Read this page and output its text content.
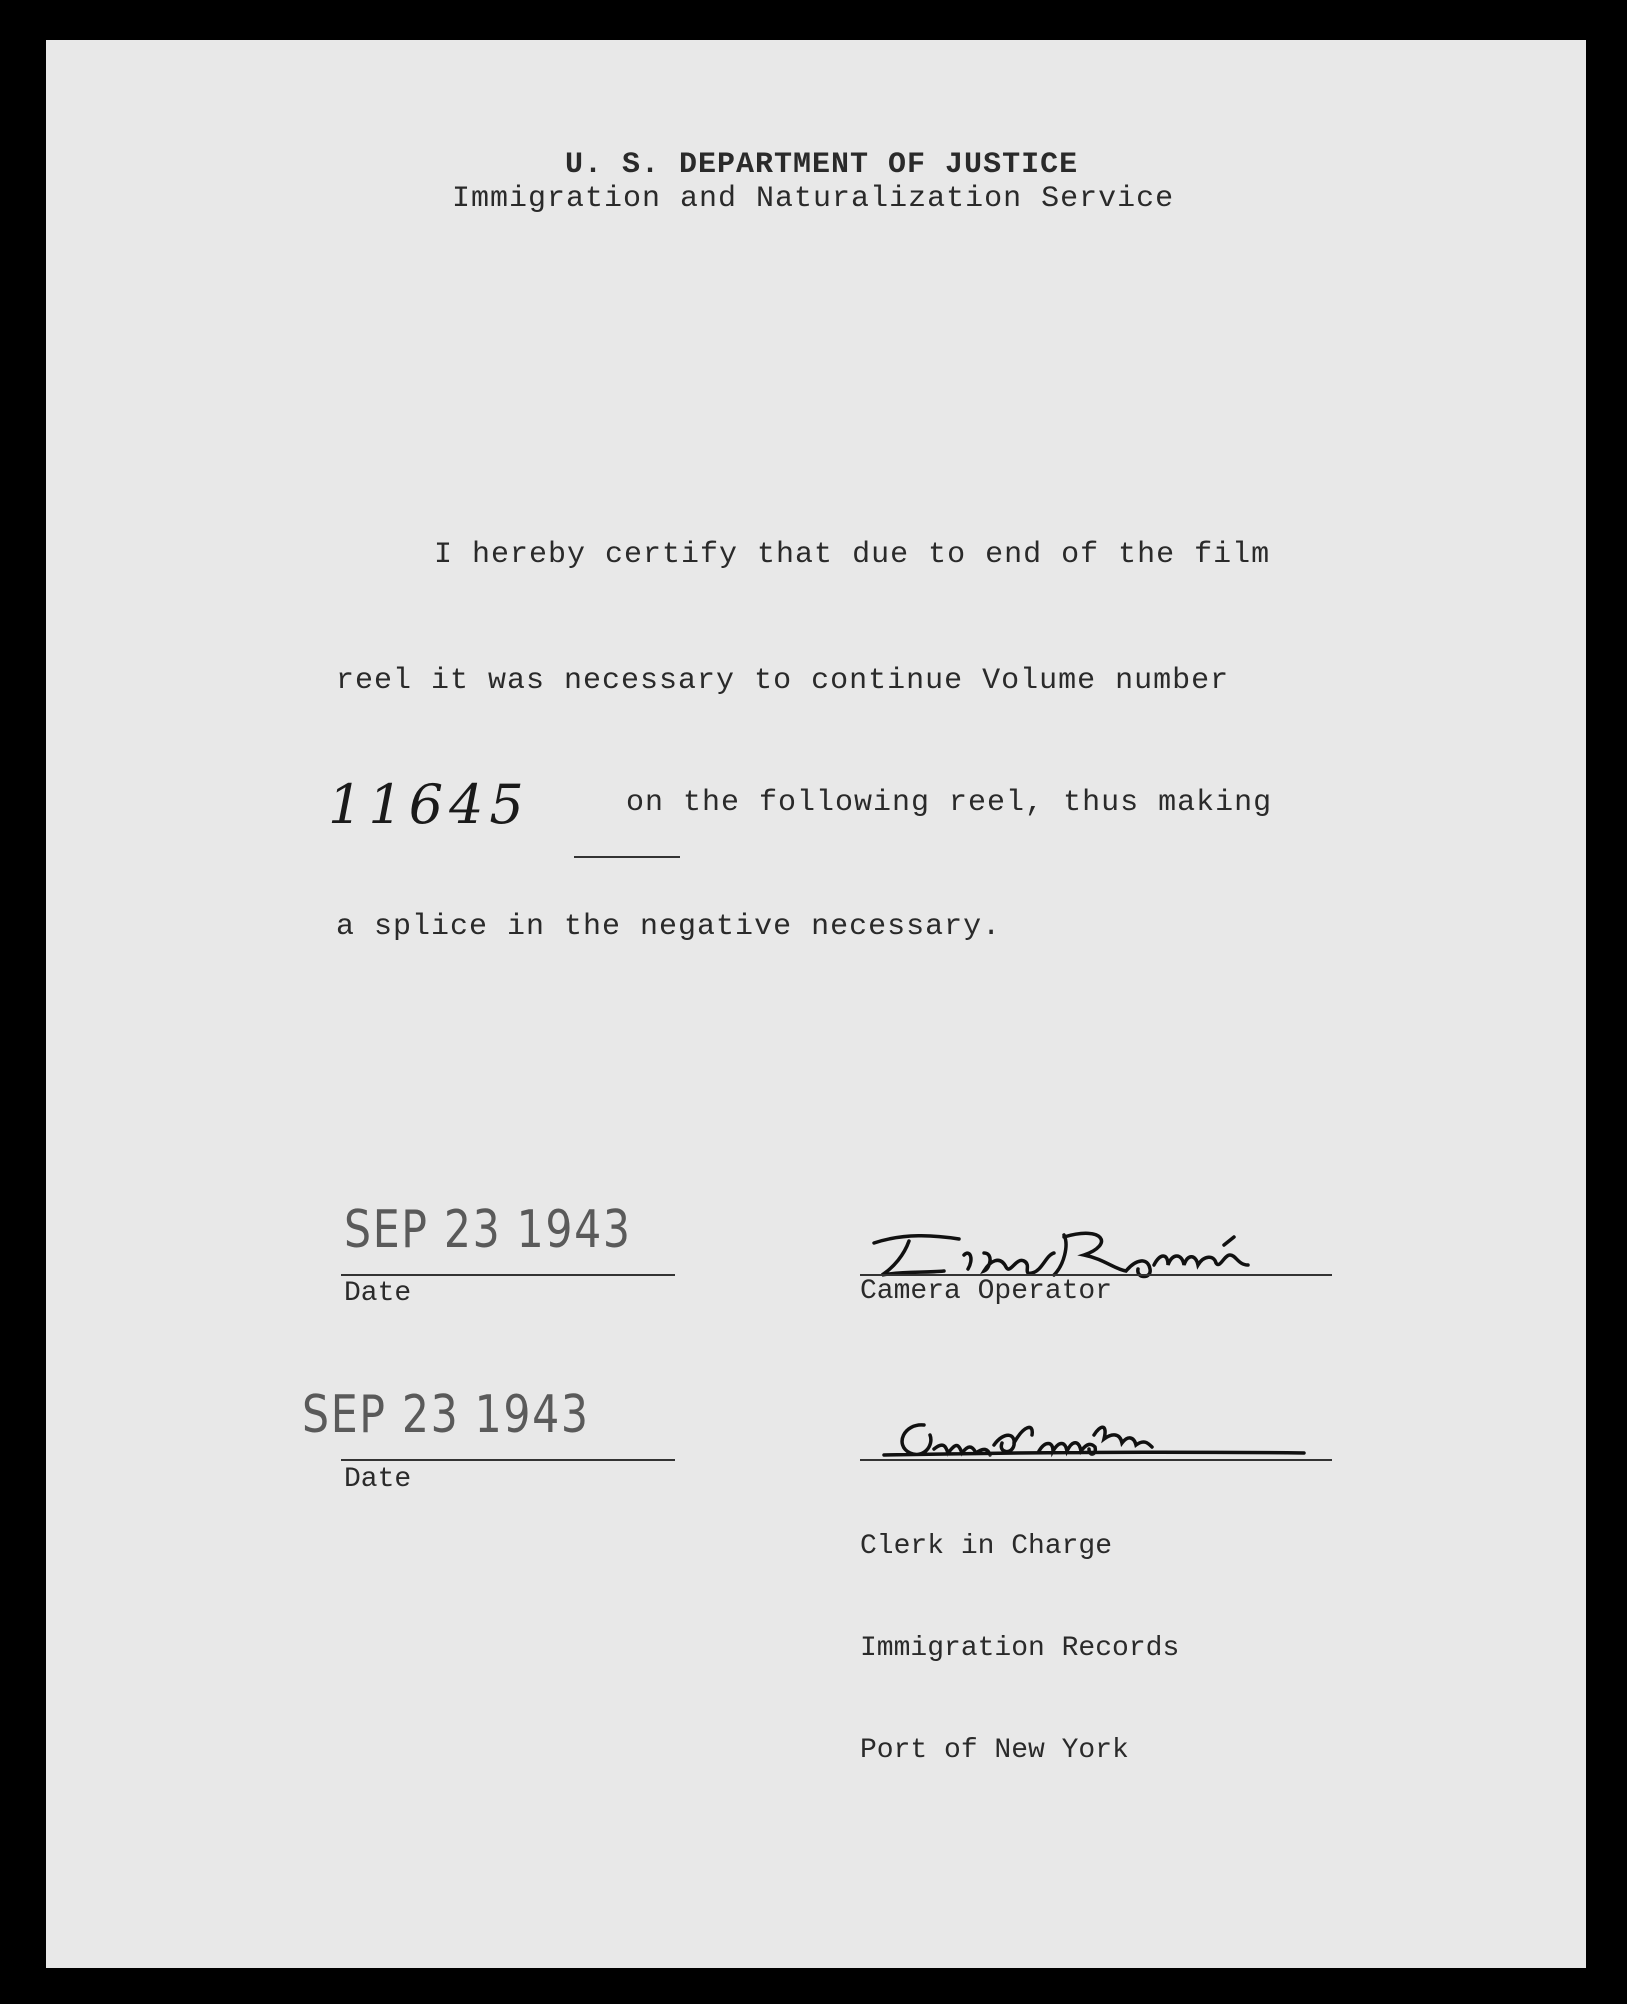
U. S. DEPARTMENT OF JUSTICE
Immigration and Naturalization Service
I hereby certify that due to end of the film
reel it was necessary to continue Volume number
11645	on the following reel, thus making
a splice in the negative necessary.
SEP 23 1943
Date
SEP 23 1943
Date
Camera Operator

Clerk in Charge

Immigration Records

Port of New York
